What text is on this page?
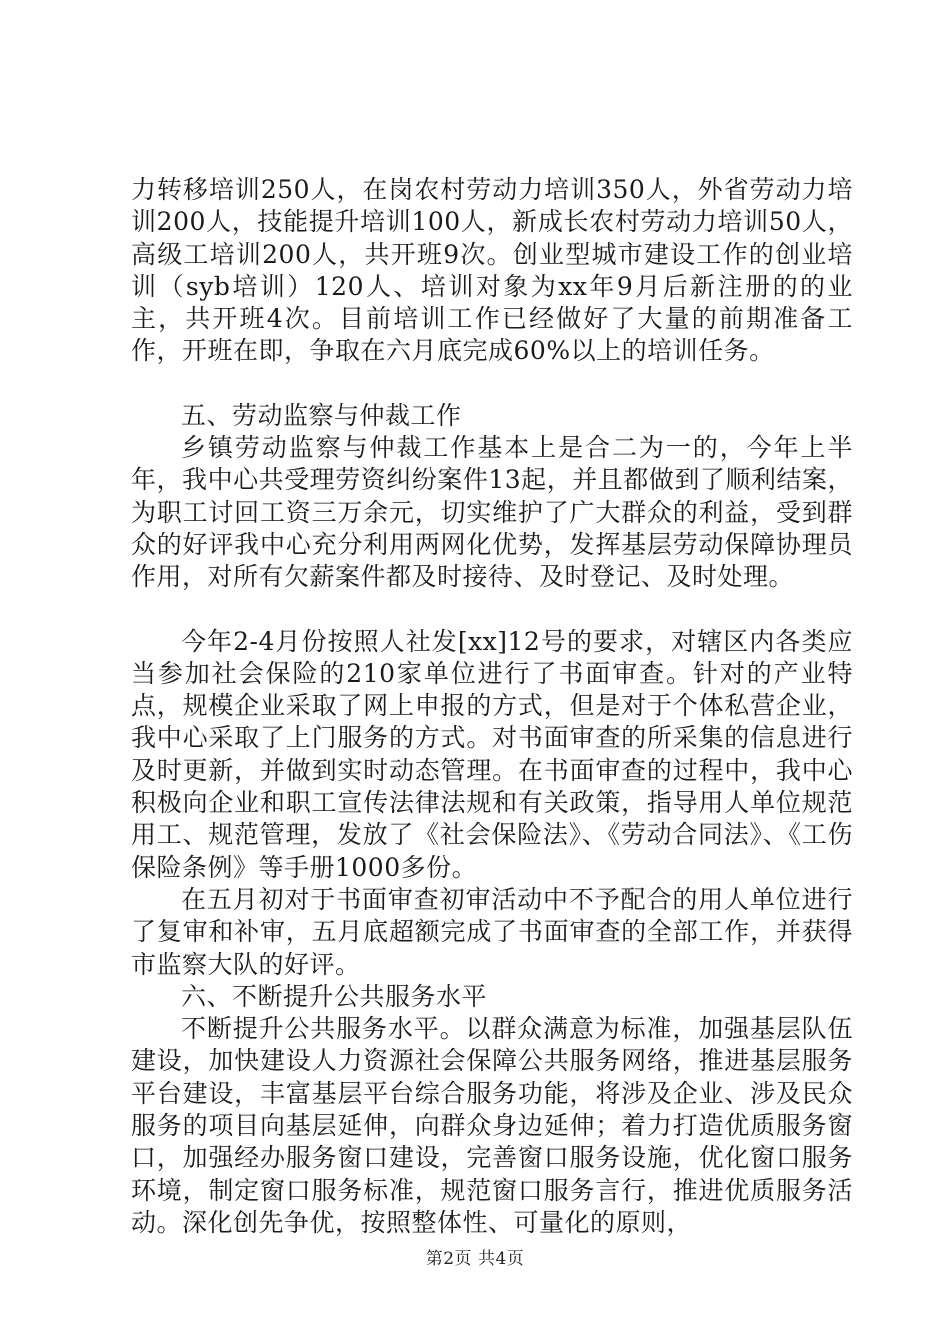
力转移培训250人，在岗农村劳动力培训350人，外省劳动力培训200人，技能提升培训100人，新成长农村劳动力培训50人，高级工培训200人，共开班9次。创业型城市建设工作的创业培训（syb培训）120人、培训对象为xx年9月后新注册的的业主，共开班4次。目前培训工作已经做好了大量的前期准备工作，开班在即，争取在六月底完成60%以上的培训任务。

五、劳动监察与仲裁工作

乡镇劳动监察与仲裁工作基本上是合二为一的，今年上半年，我中心共受理劳资纠纷案件13起，并且都做到了顺利结案，为职工讨回工资三万余元，切实维护了广大群众的利益，受到群众的好评我中心充分利用两网化优势，发挥基层劳动保障协理员作用，对所有欠薪案件都及时接待、及时登记、及时处理。

今年2-4月份按照人社发[xx]12号的要求，对辖区内各类应当参加社会保险的210家单位进行了书面审查。针对的产业特点，规模企业采取了网上申报的方式，但是对于个体私营企业，我中心采取了上门服务的方式。对书面审查的所采集的信息进行及时更新，并做到实时动态管理。在书面审查的过程中，我中心积极向企业和职工宣传法律法规和有关政策，指导用人单位规范用工、规范管理，发放了《社会保险法》、《劳动合同法》、《工伤保险条例》等手册1000多份。

在五月初对于书面审查初审活动中不予配合的用人单位进行了复审和补审，五月底超额完成了书面审查的全部工作，并获得市监察大队的好评。

六、不断提升公共服务水平

不断提升公共服务水平。以群众满意为标准，加强基层队伍建设，加快建设人力资源社会保障公共服务网络，推进基层服务平台建设，丰富基层平台综合服务功能，将涉及企业、涉及民众服务的项目向基层延伸，向群众身边延伸；着力打造优质服务窗口，加强经办服务窗口建设，完善窗口服务设施，优化窗口服务环境，制定窗口服务标准，规范窗口服务言行，推进优质服务活动。深化创先争优，按照整体性、可量化的原则，

第2页 共4页
